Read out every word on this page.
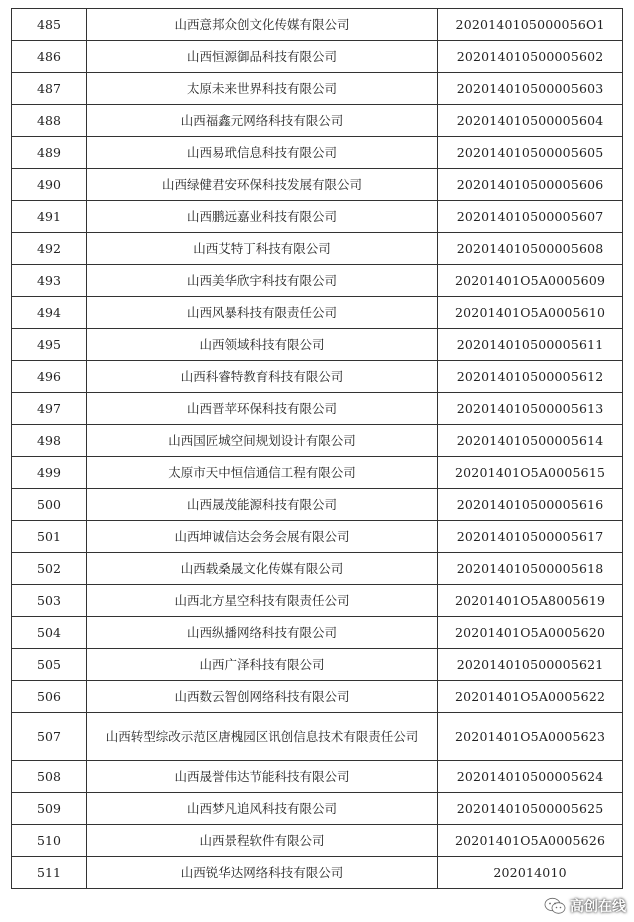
485	山西意邦众创文化传媒有限公司	2020140105000056O1
486	山西恒源御品科技有限公司	202014010500005602
487	太原未来世界科技有限公司	202014010500005603
488	山西福鑫元网络科技有限公司	202014010500005604
489	山西易玳信息科技有限公司	202014010500005605
490	山西绿健君安环保科技发展有限公司	202014010500005606
491	山西鹏远嘉业科技有限公司	202014010500005607
492	山西艾特丁科技有限公司	202014010500005608
493	山西美华欣宇科技有限公司	20201401O5A0005609
494	山西风暴科技有限责任公司	20201401O5A0005610
495	山西领域科技有限公司	202014010500005611
496	山西科睿特教育科技有限公司	202014010500005612
497	山西晋苹环保科技有限公司	202014010500005613
498	山西国匠城空间规划设计有限公司	202014010500005614
499	太原市天中恒信通信工程有限公司	20201401O5A0005615
500	山西晟茂能源科技有限公司	202014010500005616
501	山西坤诚信达会务会展有限公司	202014010500005617
502	山西载桑晟文化传媒有限公司	202014010500005618
503	山西北方星空科技有限责任公司	20201401O5A8005619
504	山西纵播网络科技有限公司	20201401O5A0005620
505	山西广泽科技有限公司	202014010500005621
506	山西数云智创网络科技有限公司	20201401O5A0005622
507	山西转型综改示范区唐槐园区讯创信息技术有限责任公司	20201401O5A0005623
508	山西晟誉伟达节能科技有限公司	202014010500005624
509	山西梦凡追风科技有限公司	202014010500005625
510	山西景程软件有限公司	20201401O5A0005626
511	山西锐华达网络科技有限公司	202014010
高创在线
